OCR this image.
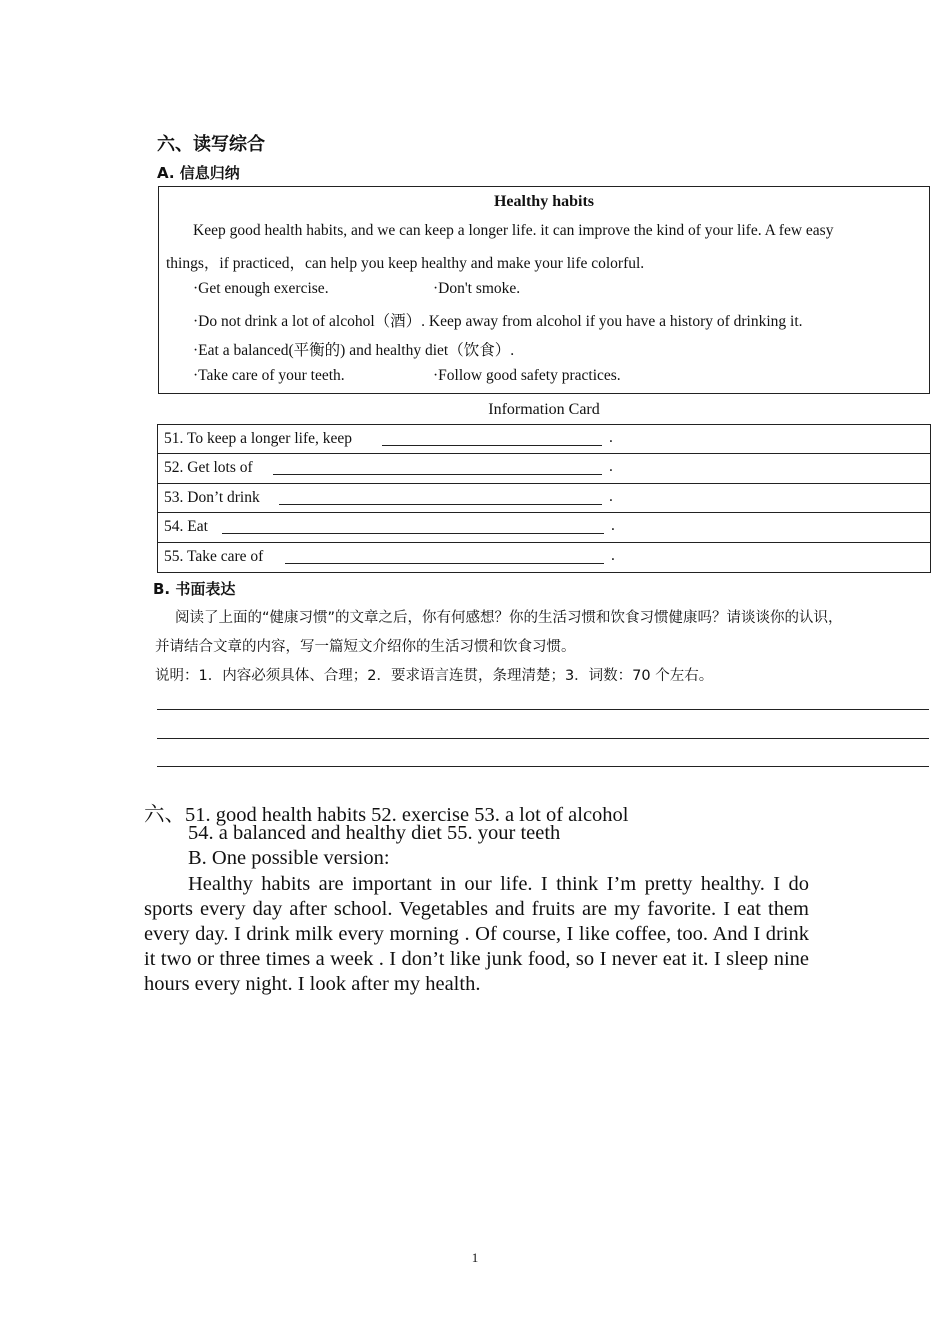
六、读写综合
A. 信息归纳
Healthy habits
Keep good health habits, and we can keep a longer life. it can improve the kind of your life. A few easy
things，if practiced，can help you keep healthy and make your life colorful.
·Get enough exercise.	·Don't smoke.
·Do not drink a lot of alcohol（酒）. Keep away from alcohol if you have a history of drinking it.
·Eat a balanced(平衡的) and healthy diet（饮食）.
·Take care of your teeth.	·Follow good safety practices.
Information Card
51. To keep a longer life, keep	.
52. Get lots of	.
53. Don’t drink	.
54. Eat	.
55. Take care of	.
B. 书面表达
阅读了上面的“健康习惯”的文章之后，你有何感想？你的生活习惯和饮食习惯健康吗？请谈谈你的认识，
并请结合文章的内容，写一篇短文介绍你的生活习惯和饮食习惯。
说明：1．内容必须具体、合理；2．要求语言连贯，条理清楚；3．词数：70 个左右。
六、51. good health habits 52. exercise 53. a lot of alcohol
54. a balanced and healthy diet 55. your teeth
B. One possible version:
Healthy habits are important in our life. I think I’m pretty healthy. I do sports every day after school. Vegetables and fruits are my favorite. I eat them every day. I drink milk every morning . Of course, I like coffee, too. And I drink it two or three times a week . I don’t like junk food, so I never eat it. I sleep nine hours every night. I look after my health.
1
